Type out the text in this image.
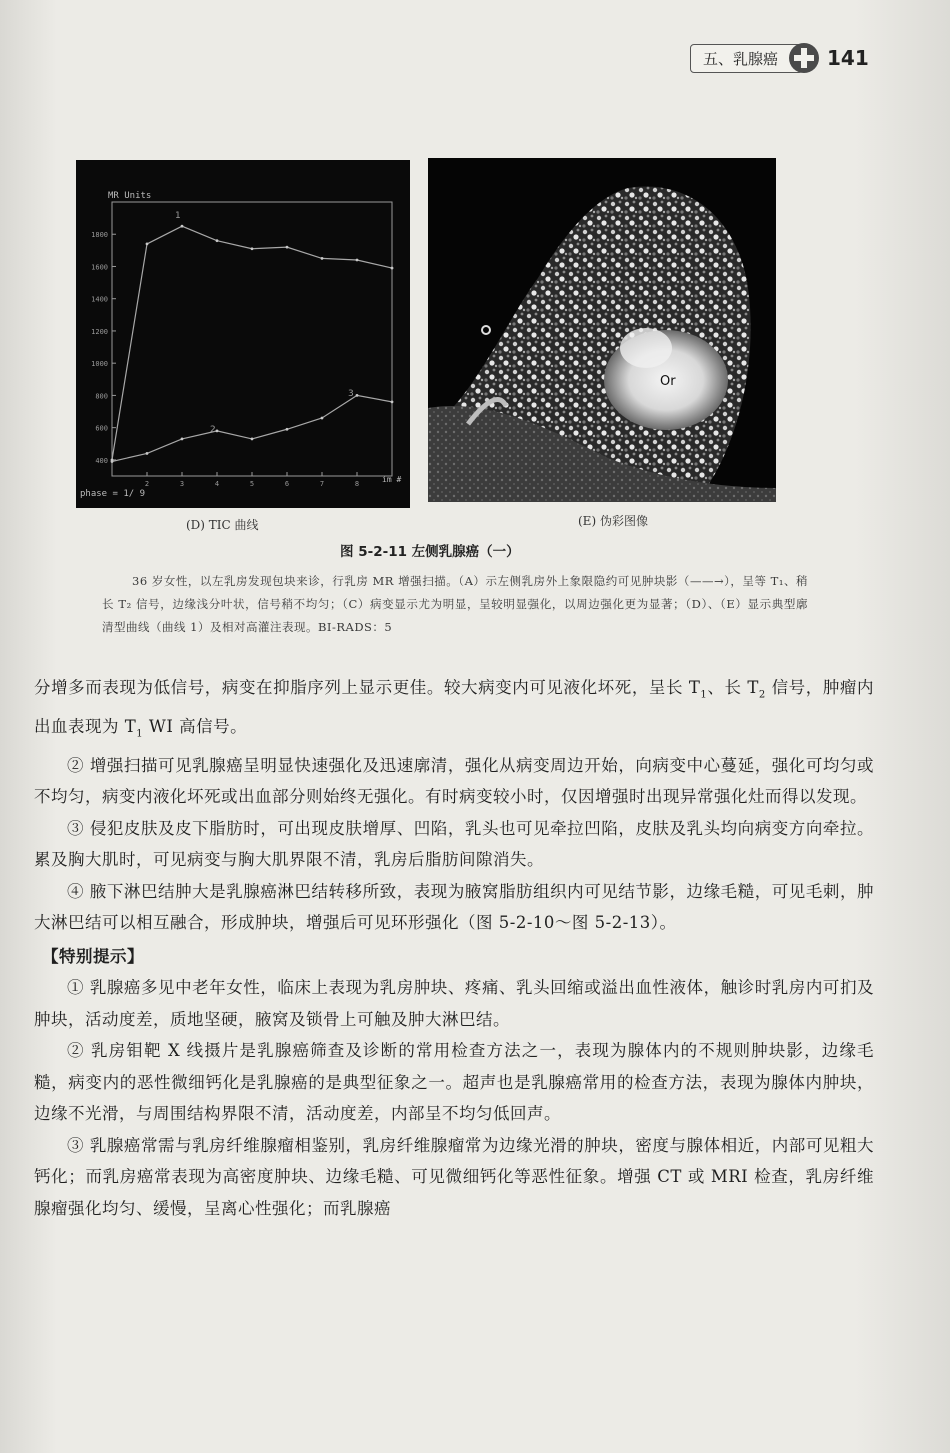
五、乳腺癌	141
400
600
800
1000
1200
1400
1600
1800
2	3	4	5	6	7	8
MR Units
phase = 1/ 9
im #
1
2
3
Or
(D) TIC 曲线	(E) 伪彩图像
图 5-2-11 左侧乳腺癌（一）
36 岁女性，以左乳房发现包块来诊，行乳房 MR 增强扫描。（A）示左侧乳房外上象限隐约可见肿块影（——→），呈等 T₁、稍长 T₂ 信号，边缘浅分叶状，信号稍不均匀；（C）病变显示尤为明显，呈较明显强化，以周边强化更为显著；（D）、（E）显示典型廓清型曲线（曲线 1）及相对高灌注表现。BI-RADS：5

分增多而表现为低信号，病变在抑脂序列上显示更佳。较大病变内可见液化坏死，呈长 $T_1$、长 $T_2$ 信号，肿瘤内出血表现为 $T_1$ WI 高信号。

② 增强扫描可见乳腺癌呈明显快速强化及迅速廓清，强化从病变周边开始，向病变中心蔓延，强化可均匀或不均匀，病变内液化坏死或出血部分则始终无强化。有时病变较小时，仅因增强时出现异常强化灶而得以发现。

③ 侵犯皮肤及皮下脂肪时，可出现皮肤增厚、凹陷，乳头也可见牵拉凹陷，皮肤及乳头均向病变方向牵拉。累及胸大肌时，可见病变与胸大肌界限不清，乳房后脂肪间隙消失。

④ 腋下淋巴结肿大是乳腺癌淋巴结转移所致，表现为腋窝脂肪组织内可见结节影，边缘毛糙，可见毛刺，肿大淋巴结可以相互融合，形成肿块，增强后可见环形强化（图 5-2-10～图 5-2-13）。

【特别提示】

① 乳腺癌多见中老年女性，临床上表现为乳房肿块、疼痛、乳头回缩或溢出血性液体，触诊时乳房内可扪及肿块，活动度差，质地坚硬，腋窝及锁骨上可触及肿大淋巴结。

② 乳房钼靶 X 线摄片是乳腺癌筛查及诊断的常用检查方法之一，表现为腺体内的不规则肿块影，边缘毛糙，病变内的恶性微细钙化是乳腺癌的是典型征象之一。超声也是乳腺癌常用的检查方法，表现为腺体内肿块，边缘不光滑，与周围结构界限不清，活动度差，内部呈不均匀低回声。

③ 乳腺癌常需与乳房纤维腺瘤相鉴别，乳房纤维腺瘤常为边缘光滑的肿块，密度与腺体相近，内部可见粗大钙化；而乳房癌常表现为高密度肿块、边缘毛糙、可见微细钙化等恶性征象。增强 CT 或 MRI 检查，乳房纤维腺瘤强化均匀、缓慢，呈离心性强化；而乳腺癌
